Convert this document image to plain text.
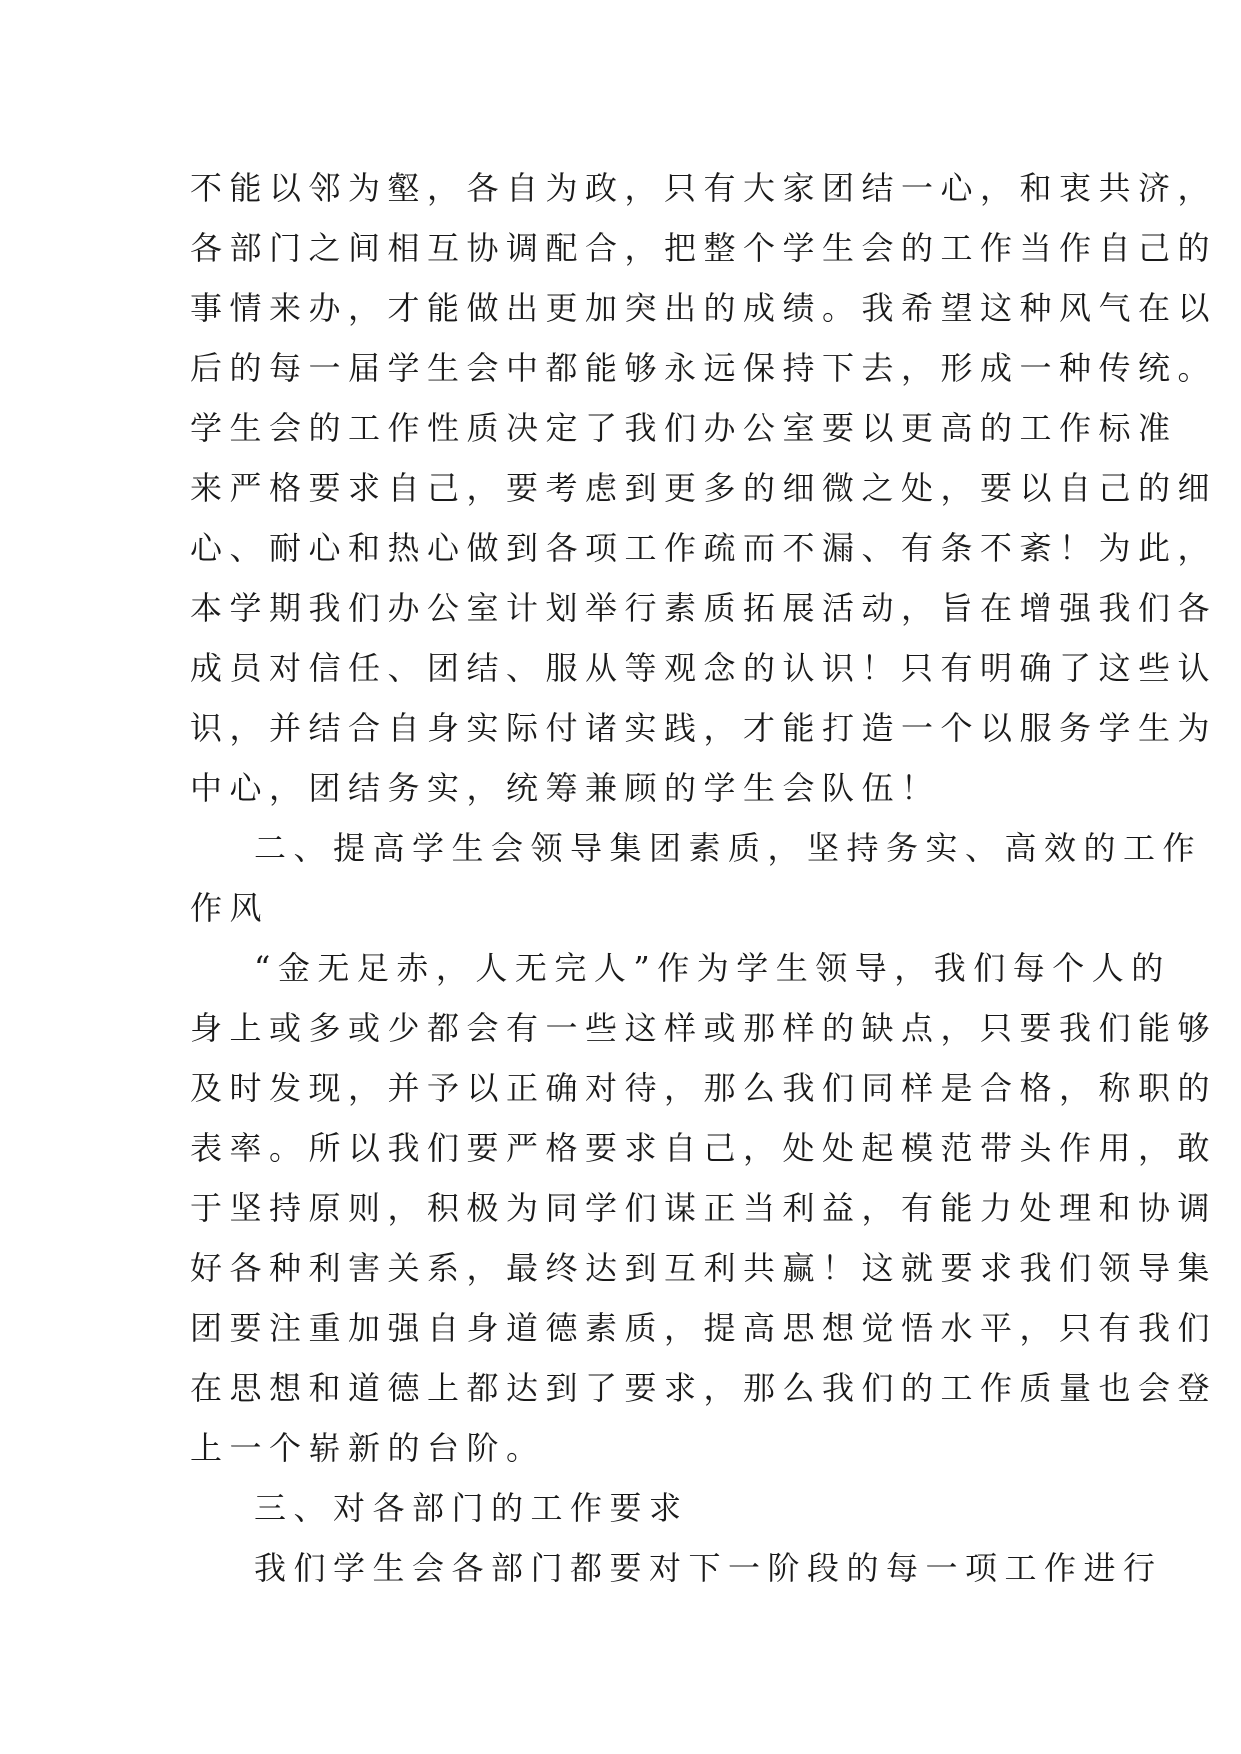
不能以邻为壑，各自为政，只有大家团结一心，和衷共济，
各部门之间相互协调配合，把整个学生会的工作当作自己的
事情来办，才能做出更加突出的成绩。我希望这种风气在以
后的每一届学生会中都能够永远保持下去，形成一种传统。
学生会的工作性质决定了我们办公室要以更高的工作标准
来严格要求自己，要考虑到更多的细微之处，要以自己的细
心、耐心和热心做到各项工作疏而不漏、有条不紊！为此，
本学期我们办公室计划举行素质拓展活动，旨在增强我们各
成员对信任、团结、服从等观念的认识！只有明确了这些认
识，并结合自身实际付诸实践，才能打造一个以服务学生为
中心，团结务实，统筹兼顾的学生会队伍！
二、提高学生会领导集团素质，坚持务实、高效的工作
作风
“金无足赤，人无完人”作为学生领导，我们每个人的
身上或多或少都会有一些这样或那样的缺点，只要我们能够
及时发现，并予以正确对待，那么我们同样是合格，称职的
表率。所以我们要严格要求自己，处处起模范带头作用，敢
于坚持原则，积极为同学们谋正当利益，有能力处理和协调
好各种利害关系，最终达到互利共赢！这就要求我们领导集
团要注重加强自身道德素质，提高思想觉悟水平，只有我们
在思想和道德上都达到了要求，那么我们的工作质量也会登
上一个崭新的台阶。
三、对各部门的工作要求
我们学生会各部门都要对下一阶段的每一项工作进行
